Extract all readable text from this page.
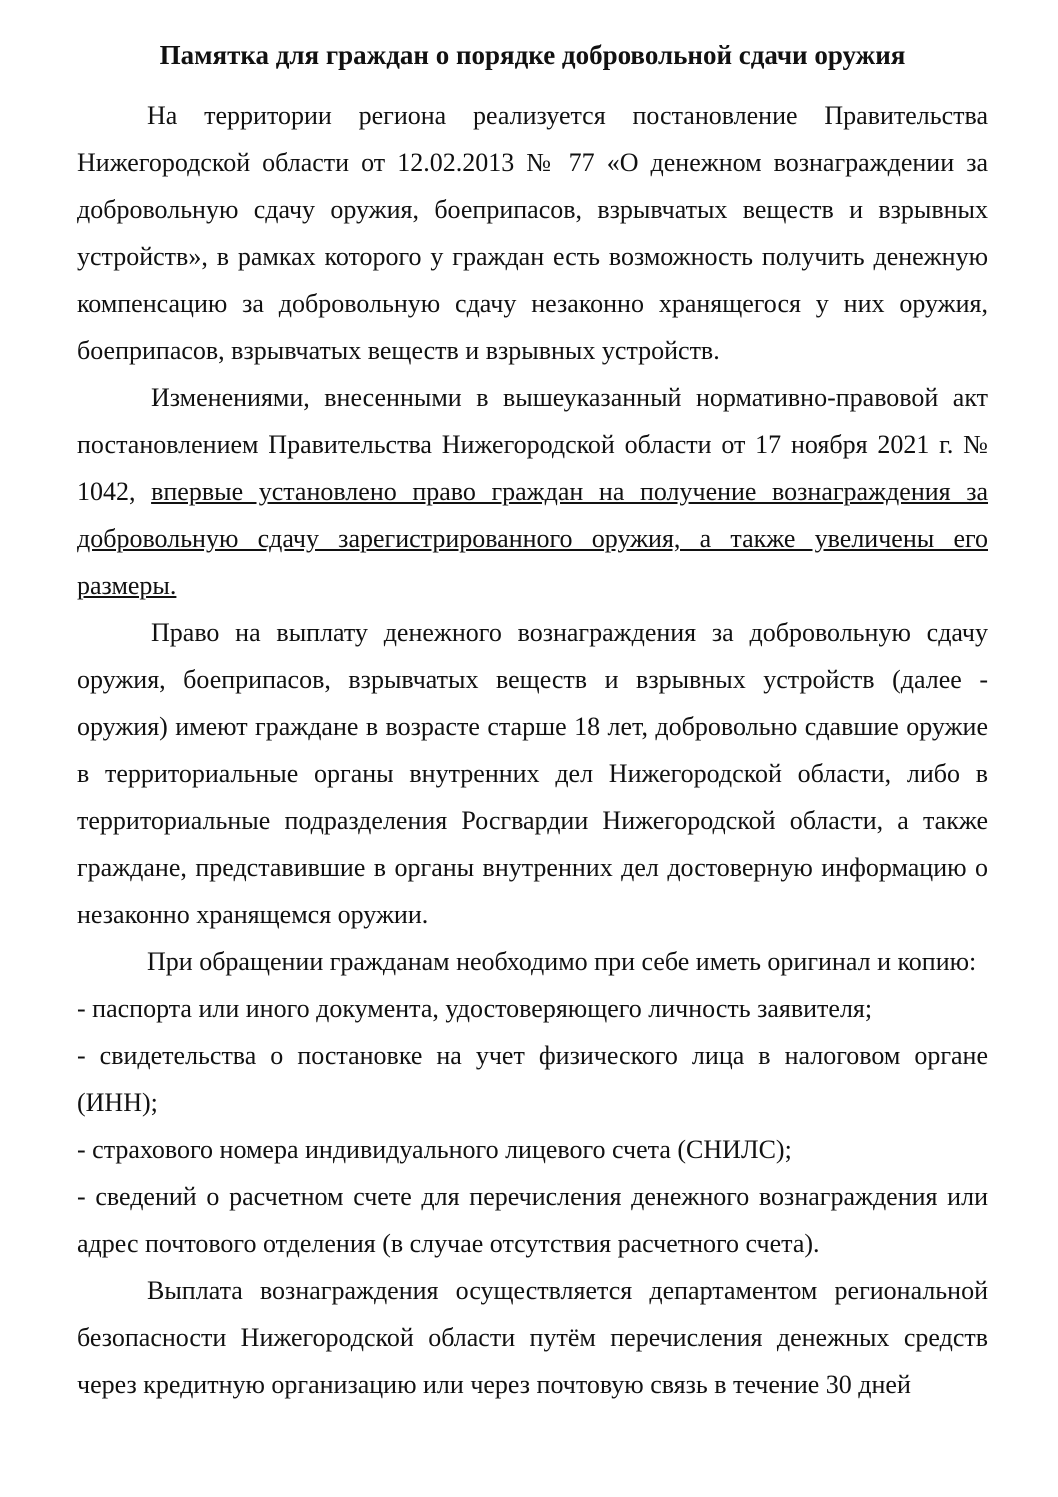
Памятка для граждан о порядке добровольной сдачи оружия

На территории региона реализуется постановление Правительства Нижегородской области от 12.02.2013 № 77 «О денежном вознаграждении за добровольную сдачу оружия, боеприпасов, взрывчатых веществ и взрывных устройств», в рамках которого у граждан есть возможность получить денежную компенсацию за добровольную сдачу незаконно хранящегося у них оружия, боеприпасов, взрывчатых веществ и взрывных устройств.

Изменениями, внесенными в вышеуказанный нормативно-правовой акт постановлением Правительства Нижегородской области от 17 ноября 2021 г. № 1042, впервые установлено право граждан на получение вознаграждения за добровольную сдачу зарегистрированного оружия, а также увеличены его размеры.

Право на выплату денежного вознаграждения за добровольную сдачу оружия, боеприпасов, взрывчатых веществ и взрывных устройств (далее - оружия) имеют граждане в возрасте старше 18 лет, добровольно сдавшие оружие в территориальные органы внутренних дел Нижегородской области, либо в территориальные подразделения Росгвардии Нижегородской области, а также граждане, представившие в органы внутренних дел достоверную информацию о незаконно хранящемся оружии.

При обращении гражданам необходимо при себе иметь оригинал и копию:

- паспорта или иного документа, удостоверяющего личность заявителя;

- свидетельства о постановке на учет физического лица в налоговом органе (ИНН);

- страхового номера индивидуального лицевого счета (СНИЛС);

- сведений о расчетном счете для перечисления денежного вознаграждения или адрес почтового отделения (в случае отсутствия расчетного счета).

Выплата вознаграждения осуществляется департаментом региональной безопасности Нижегородской области путём перечисления денежных средств через кредитную организацию или через почтовую связь в течение 30 дней
